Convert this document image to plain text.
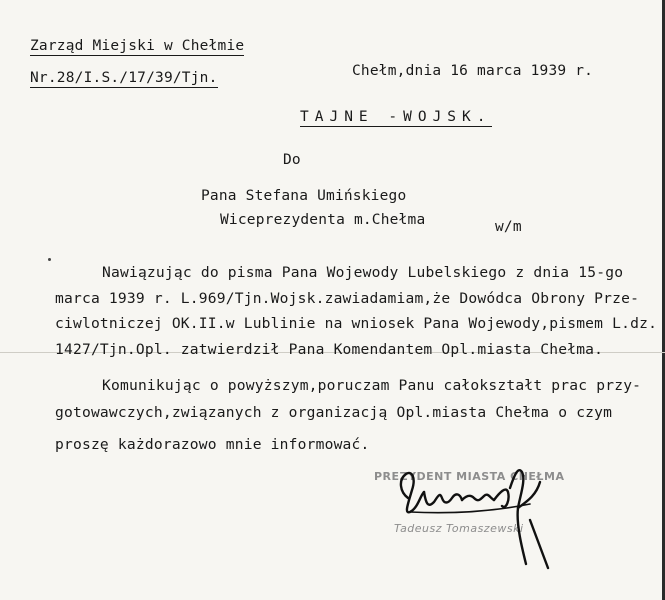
Zarząd Miejski w Chełmie
Nr.28/I.S./17/39/Tjn.	Chełm,dnia 16 marca 1939 r.
TAJNE -WOJSK.
Do
Pana Stefana Umińskiego
Wiceprezydenta m.Chełma	w/m
Nawiązując do pisma Pana Wojewody Lubelskiego z dnia 15-go
marca 1939 r. L.969/Tjn.Wojsk.zawiadamiam,że Dowódca Obrony Prze-
ciwlotniczej OK.II.w Lublinie na wniosek Pana Wojewody,pismem L.dz.
1427/Tjn.Opl. zatwierdził Pana Komendantem Opl.miasta Chełma.
Komunikując o powyższym,poruczam Panu całokształt prac przy-
gotowawczych,związanych z organizacją Opl.miasta Chełma o czym
proszę każdorazowo mnie informować.
PREZYDENT MIASTA CHEŁMA
Tadeusz Tomaszewski
